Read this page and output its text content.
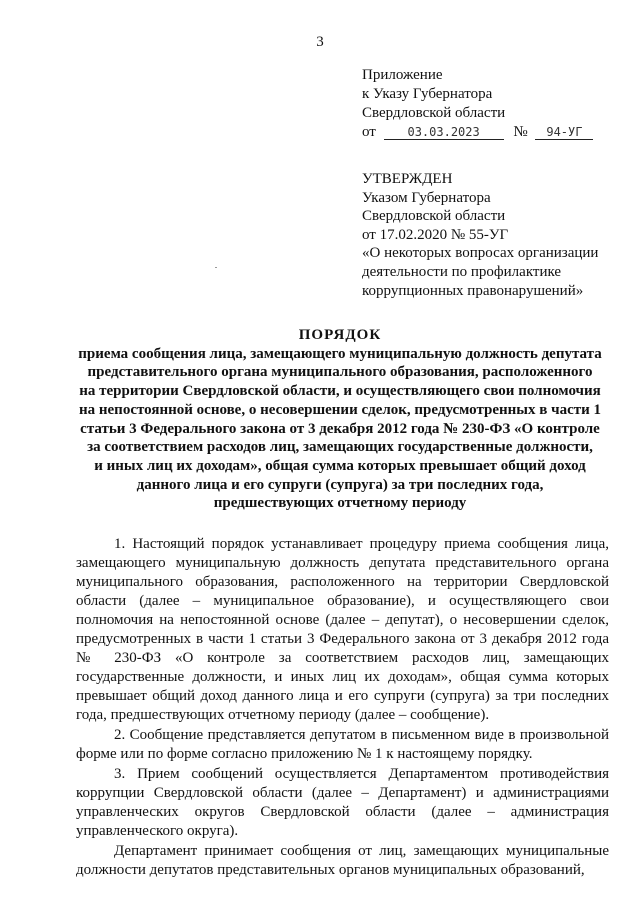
3
Приложение
к Указу Губернатора
Свердловской области
от	03.03.2023 № 94-УГ
УТВЕРЖДЕН
Указом Губернатора
Свердловской области
от 17.02.2020 № 55-УГ
«О некоторых вопросах организации
деятельности по профилактике
коррупционных правонарушений»
ПОРЯДОК
приема сообщения лица, замещающего муниципальную должность депутата
представительного органа муниципального образования, расположенного
на территории Свердловской области, и осуществляющего свои полномочия
на непостоянной основе, о несовершении сделок, предусмотренных в части 1
статьи 3 Федерального закона от 3 декабря 2012 года № 230-ФЗ «О контроле
за соответствием расходов лиц, замещающих государственные должности,
и иных лиц их доходам», общая сумма которых превышает общий доход
данного лица и его супруги (супруга) за три последних года,
предшествующих отчетному периоду

1. Настоящий порядок устанавливает процедуру приема сообщения лица, замещающего муниципальную должность депутата представительного органа муниципального образования, расположенного на территории Свердловской области (далее – муниципальное образование), и осуществляющего свои полномочия на непостоянной основе (далее – депутат), о несовершении сделок, предусмотренных в части 1 статьи 3 Федерального закона от 3 декабря 2012 года № 230-ФЗ «О контроле за соответствием расходов лиц, замещающих государственные должности, и иных лиц их доходам», общая сумма которых превышает общий доход данного лица и его супруги (супруга) за три последних года, предшествующих отчетному периоду (далее – сообщение).

2. Сообщение представляется депутатом в письменном виде в произвольной форме или по форме согласно приложению № 1 к настоящему порядку.

3. Прием сообщений осуществляется Департаментом противодействия коррупции Свердловской области (далее – Департамент) и администрациями управленческих округов Свердловской области (далее – администрация управленческого округа).

Департамент принимает сообщения от лиц, замещающих муниципальные должности депутатов представительных органов муниципальных образований,
